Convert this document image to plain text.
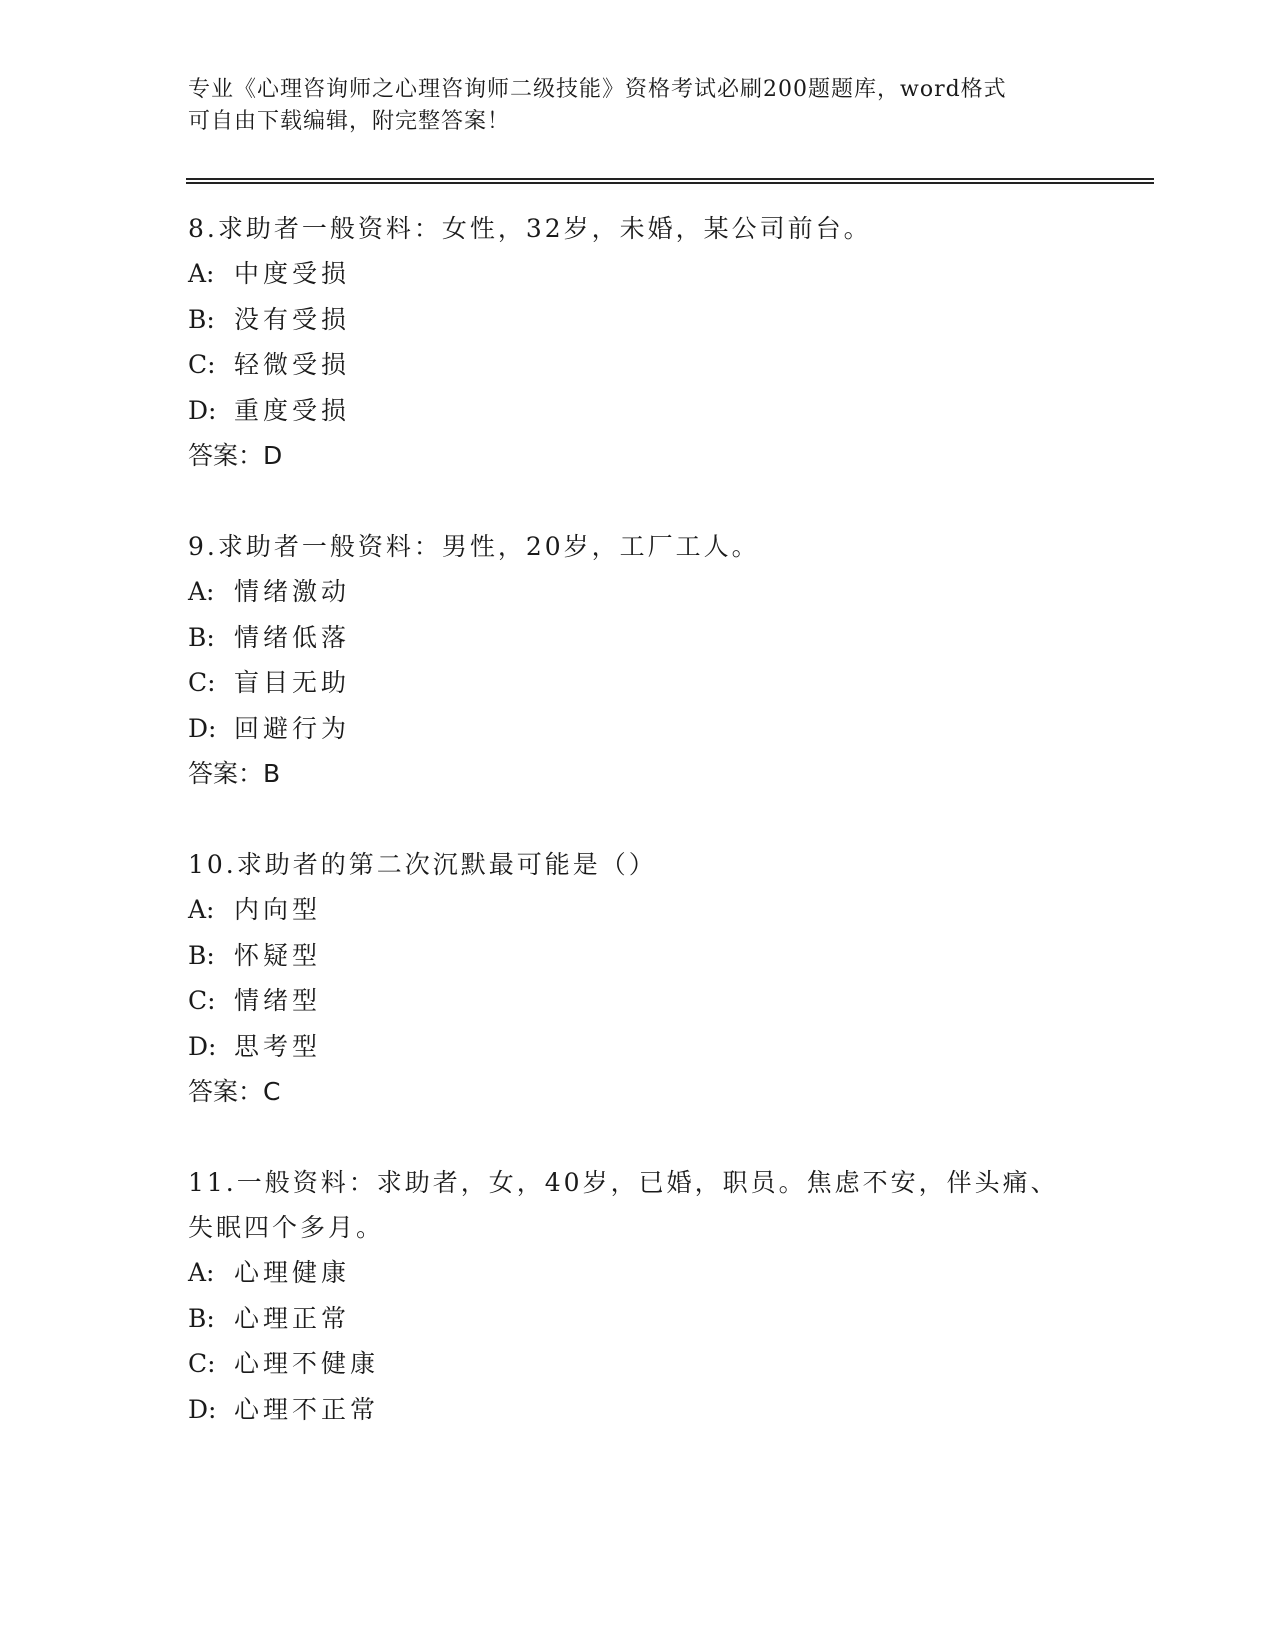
专业《心理咨询师之心理咨询师二级技能》资格考试必刷200题题库，word格式
可自由下载编辑，附完整答案！
8.求助者一般资料：女性，32岁，未婚，某公司前台。
A: 中度受损
B: 没有受损
C: 轻微受损
D: 重度受损
答案：D
9.求助者一般资料：男性，20岁，工厂工人。
A: 情绪激动
B: 情绪低落
C: 盲目无助
D: 回避行为
答案：B
10.求助者的第二次沉默最可能是（）
A: 内向型
B: 怀疑型
C: 情绪型
D: 思考型
答案：C
11.一般资料：求助者，女，40岁，已婚，职员。焦虑不安，伴头痛、
失眠四个多月。
A: 心理健康
B: 心理正常
C: 心理不健康
D: 心理不正常
